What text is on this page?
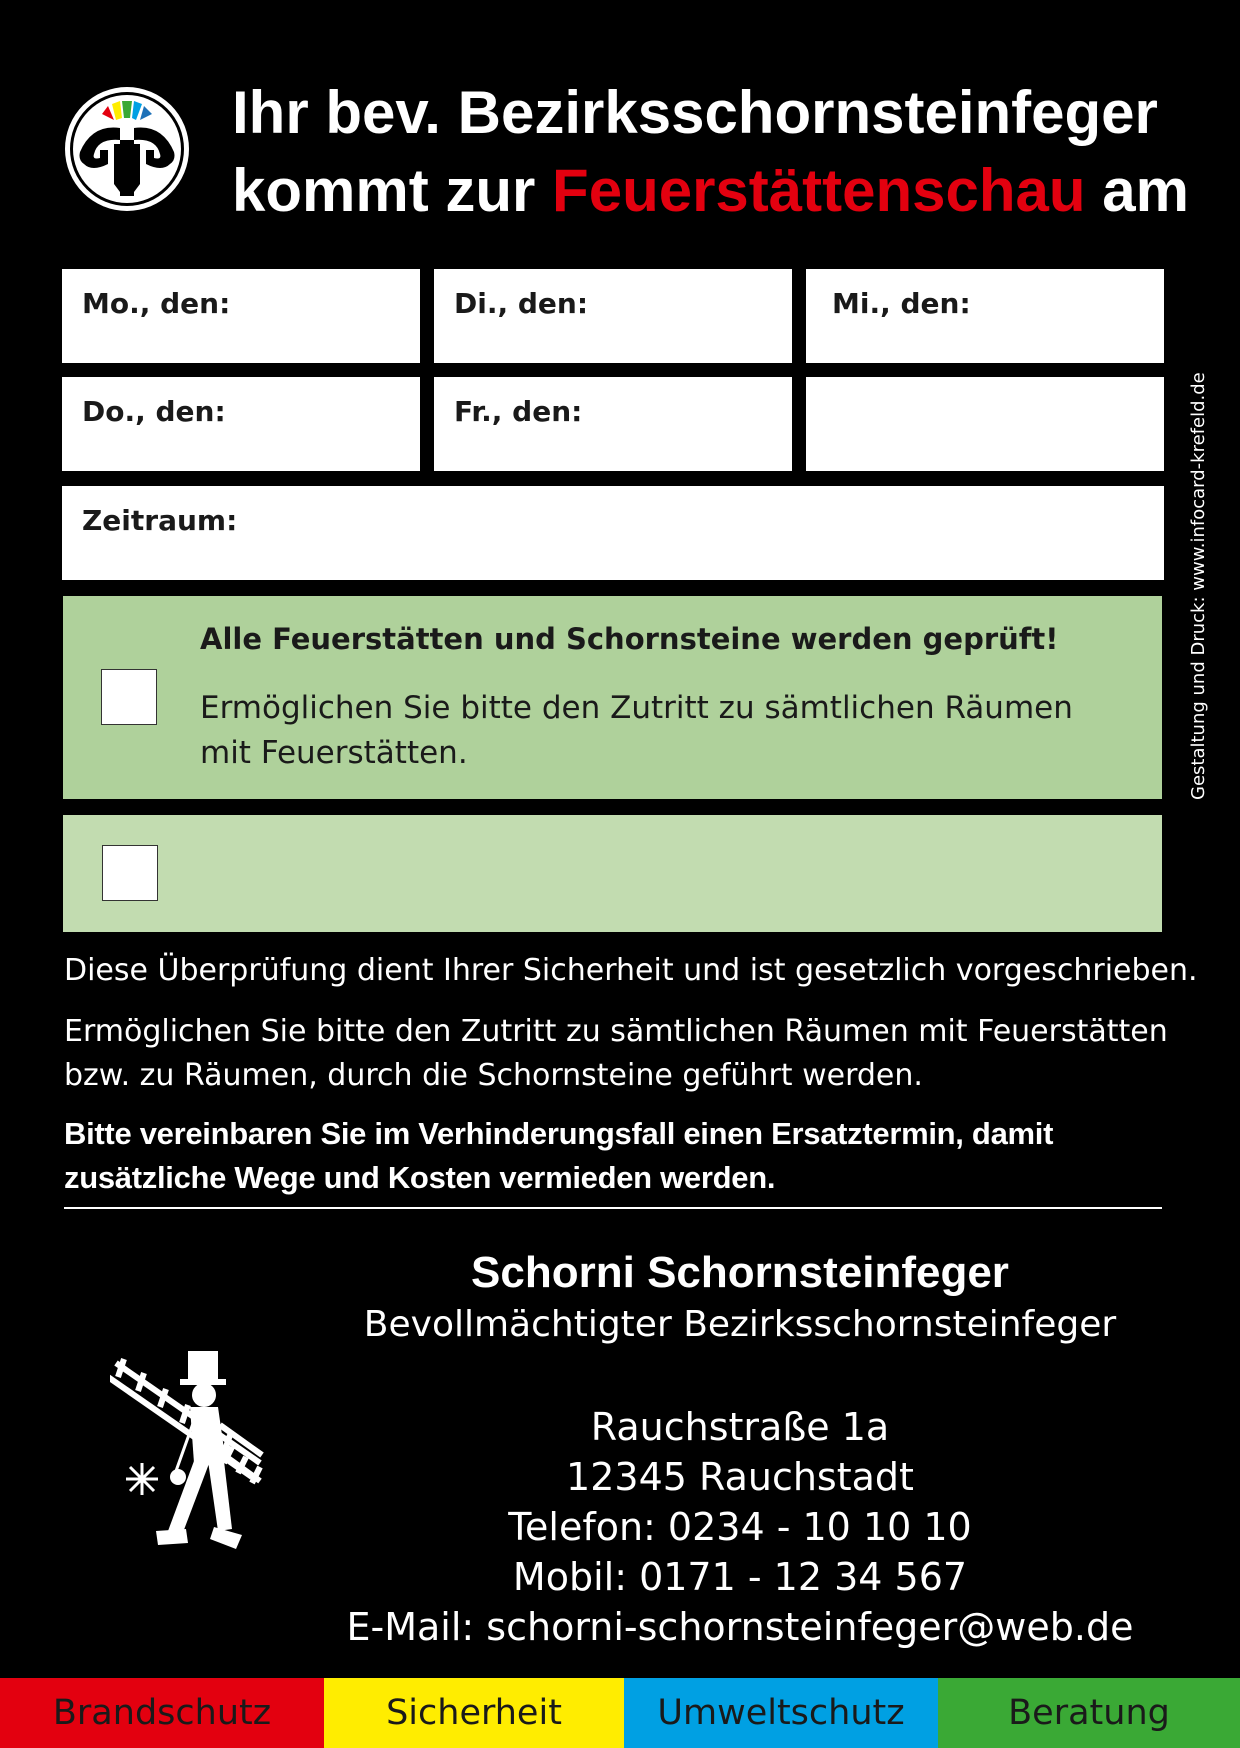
Ihr bev. Bezirksschornsteinfeger
kommt zur Feuerstättenschau am
Mo., den:	Di., den:	Mi., den:
Do., den:	Fr., den:
Zeitraum:
Alle Feuerstätten und Schornsteine werden geprüft!
Ermöglichen Sie bitte den Zutritt zu sämtlichen Räumen mit Feuerstätten.
Diese Überprüfung dient Ihrer Sicherheit und ist gesetzlich vorgeschrieben.
Ermöglichen Sie bitte den Zutritt zu sämtlichen Räumen mit Feuerstätten
bzw. zu Räumen, durch die Schornsteine geführt werden.
Bitte vereinbaren Sie im Verhinderungsfall einen Ersatztermin, damit zusätzliche Wege und Kosten vermieden werden.
Schorni Schornsteinfeger
Bevollmächtigter Bezirksschornsteinfeger
Rauchstraße 1a
12345 Rauchstadt
Telefon: 0234 - 10 10 10
Mobil: 0171 - 12 34 567
E-Mail: schorni-schornsteinfeger@web.de
Gestaltung und Druck: www.infocard-krefeld.de
Brandschutz	Sicherheit	Umweltschutz	Beratung
